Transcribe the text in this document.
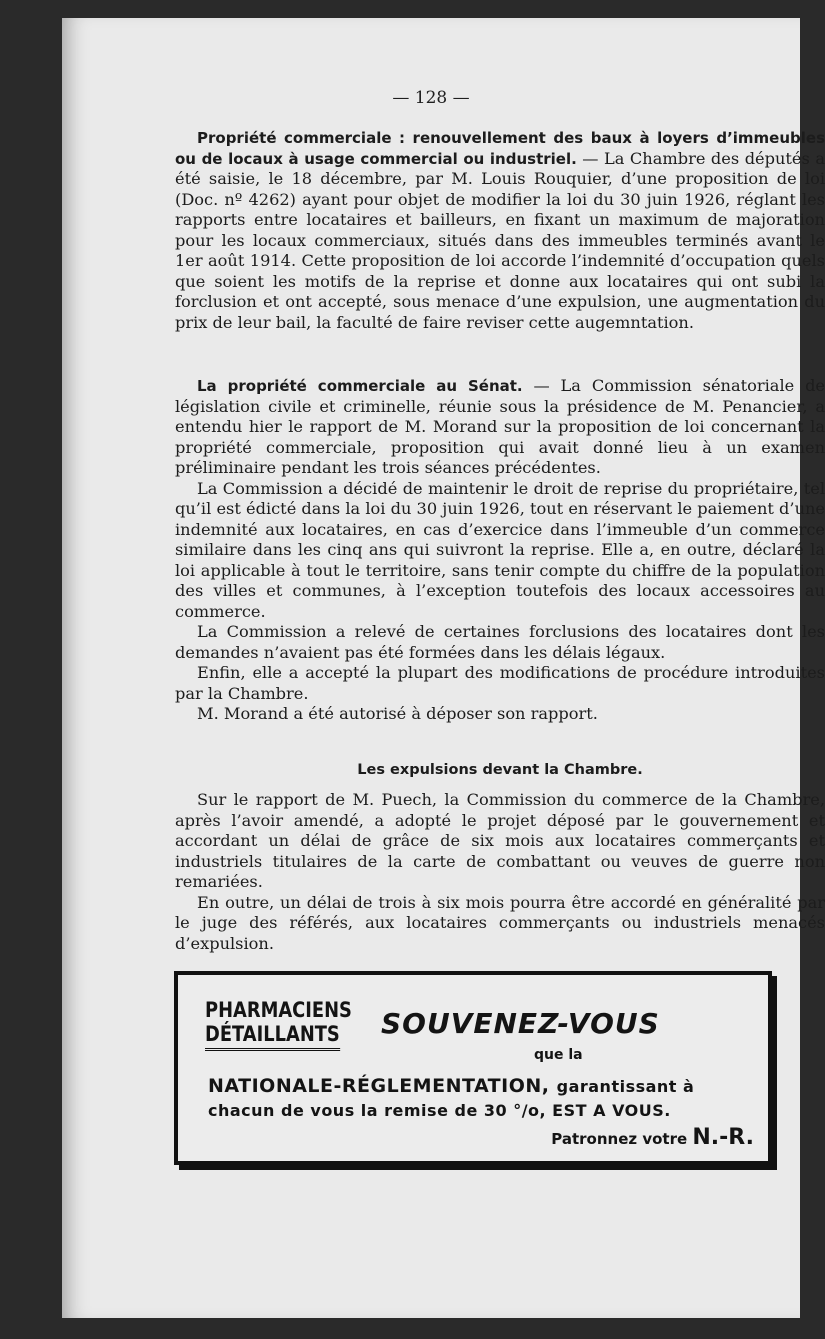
— 128 —

Propriété commerciale : renouvellement des baux à loyers d’immeubles ou de locaux à usage commercial ou industriel. — La Chambre des députés a été saisie, le 18 décembre, par M. Louis Rouquier, d’une proposition de loi (Doc. nº 4262) ayant pour objet de modifier la loi du 30 juin 1926, réglant les rapports entre locataires et bailleurs, en fixant un maximum de majoration pour les locaux commerciaux, situés dans des immeubles terminés avant le 1er août 1914. Cette proposition de loi accorde l’indemnité d’occupation quels que soient les motifs de la reprise et donne aux locataires qui ont subi la forclusion et ont accepté, sous menace d’une expulsion, une augmentation du prix de leur bail, la faculté de faire reviser cette augemntation.

La propriété commerciale au Sénat. — La Commission sénatoriale de législation civile et criminelle, réunie sous la présidence de M. Penancier, a entendu hier le rapport de M. Morand sur la proposition de loi concernant la propriété commerciale, proposition qui avait donné lieu à un examen préliminaire pendant les trois séances précédentes.

La Commission a décidé de maintenir le droit de reprise du propriétaire, tel qu’il est édicté dans la loi du 30 juin 1926, tout en réservant le paiement d’une indemnité aux locataires, en cas d’exercice dans l’immeuble d’un commerce similaire dans les cinq ans qui suivront la reprise. Elle a, en outre, déclaré la loi applicable à tout le territoire, sans tenir compte du chiffre de la population des villes et communes, à l’exception toutefois des locaux accessoires au commerce.

La Commission a relevé de certaines forclusions des locataires dont les demandes n’avaient pas été formées dans les délais légaux.

Enfin, elle a accepté la plupart des modifications de procédure introduites par la Chambre.

M. Morand a été autorisé à déposer son rapport.

Les expulsions devant la Chambre.

Sur le rapport de M. Puech, la Commission du commerce de la Chambre, après l’avoir amendé, a adopté le projet déposé par le gouvernement et accordant un délai de grâce de six mois aux locataires commerçants et industriels titulaires de la carte de combattant ou veuves de guerre non remariées.

En outre, un délai de trois à six mois pourra être accordé en généralité par le juge des référés, aux locataires commerçants ou industriels menacés d’expulsion.

PHARMACIENS
DÉTAILLANTS SOUVENEZ-VOUS
que la
NATIONALE-RÉGLEMENTATION, garantissant à
chacun de vous la remise de 30 °/o, EST A VOUS.
Patronnez votre N.-R.
